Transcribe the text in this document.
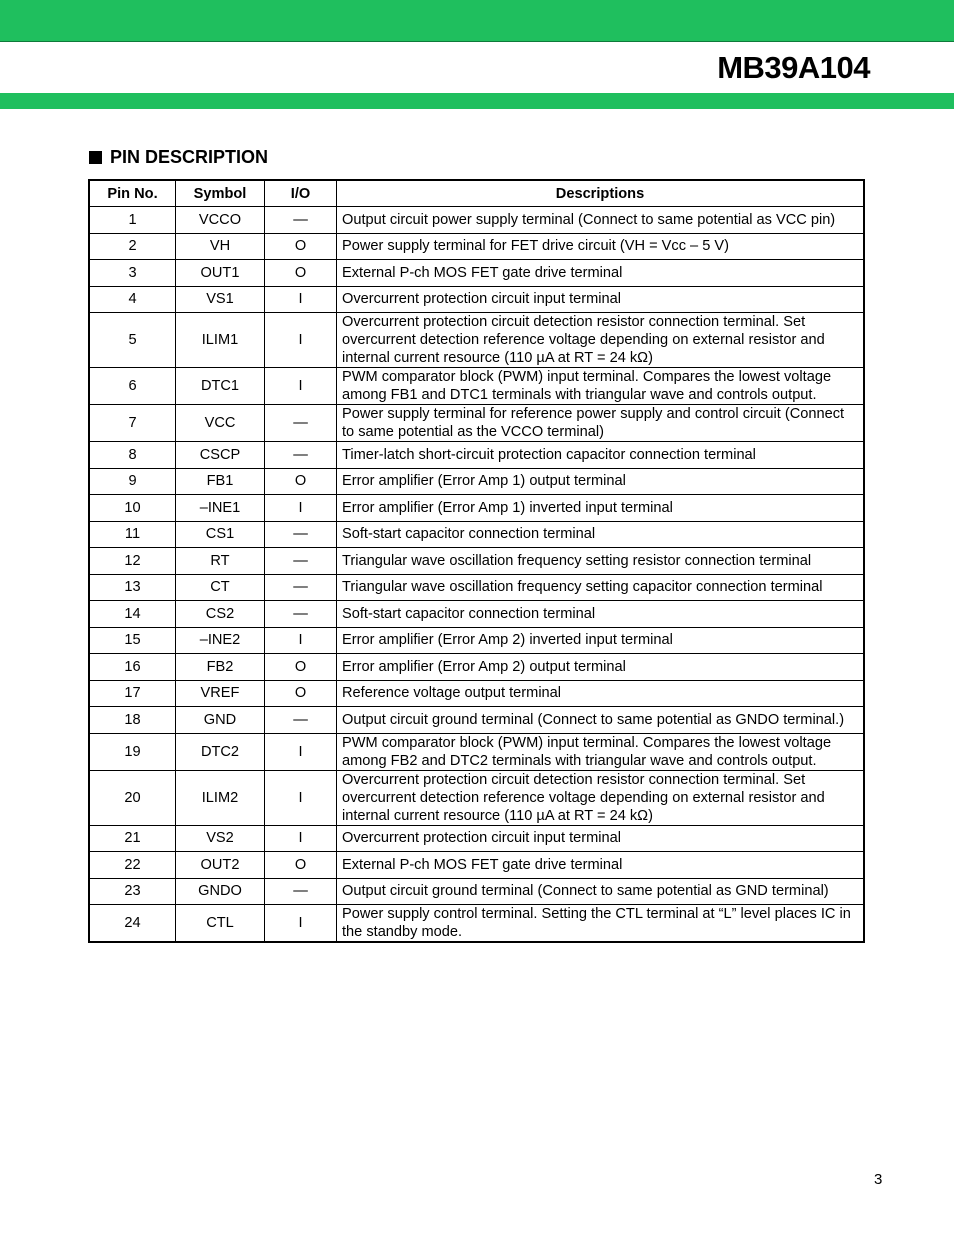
MB39A104
PIN DESCRIPTION
Pin No.	Symbol	I/O	Descriptions
1	VCCO	—	Output circuit power supply terminal (Connect to same potential as VCC pin)
2	VH	O	Power supply terminal for FET drive circuit (VH = Vcc – 5 V)
3	OUT1	O	External P-ch MOS FET gate drive terminal
4	VS1	I	Overcurrent protection circuit input terminal
5	ILIM1	I	Overcurrent protection circuit detection resistor connection terminal. Set overcurrent detection reference voltage depending on external resistor and internal current resource (110 µA at RT = 24 kΩ)
6	DTC1	I	PWM comparator block (PWM) input terminal. Compares the lowest voltage among FB1 and DTC1 terminals with triangular wave and controls output.
7	VCC	—	Power supply terminal for reference power supply and control circuit (Connect to same potential as the VCCO terminal)
8	CSCP	—	Timer-latch short-circuit protection capacitor connection terminal
9	FB1	O	Error amplifier (Error Amp 1) output terminal
10	–INE1	I	Error amplifier (Error Amp 1) inverted input terminal
11	CS1	—	Soft-start capacitor connection terminal
12	RT	—	Triangular wave oscillation frequency setting resistor connection terminal
13	CT	—	Triangular wave oscillation frequency setting capacitor connection terminal
14	CS2	—	Soft-start capacitor connection terminal
15	–INE2	I	Error amplifier (Error Amp 2) inverted input terminal
16	FB2	O	Error amplifier (Error Amp 2) output terminal
17	VREF	O	Reference voltage output terminal
18	GND	—	Output circuit ground terminal (Connect to same potential as GNDO terminal.)
19	DTC2	I	PWM comparator block (PWM) input terminal. Compares the lowest voltage among FB2 and DTC2 terminals with triangular wave and controls output.
20	ILIM2	I	Overcurrent protection circuit detection resistor connection terminal. Set overcurrent detection reference voltage depending on external resistor and internal current resource (110 µA at RT = 24 kΩ)
21	VS2	I	Overcurrent protection circuit input terminal
22	OUT2	O	External P-ch MOS FET gate drive terminal
23	GNDO	—	Output circuit ground terminal (Connect to same potential as GND terminal)
24	CTL	I	Power supply control terminal. Setting the CTL terminal at “L” level places IC in the standby mode.
3
